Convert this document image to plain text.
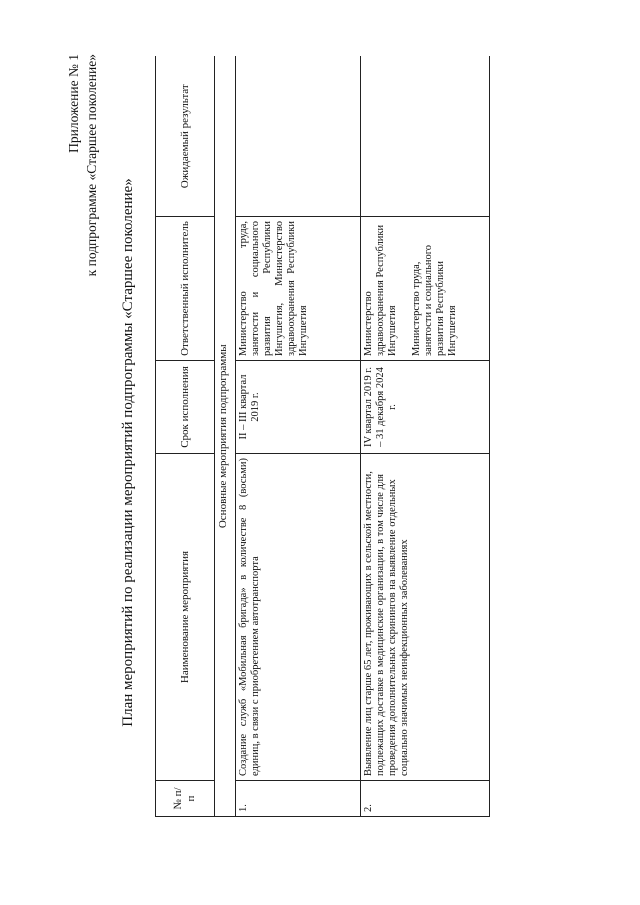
Приложение № 1 к подпрограмме «Старшее поколение»
План мероприятий по реализации мероприятий подпрограммы «Старшее поколение»
№ п/п	Наименование мероприятия	Срок исполнения	Ответственный исполнитель	Ожидаемый результат
Основные мероприятия подпрограммы				
1.	Создание служб «Мобильная бригада» в количестве 8 (восьми) единиц, в связи с приобретением автотранспорта	II – III квартал 2019 г.	Министерство труда, занятости и социального развития Республики Ингушетия, Министерство здравоохранения Республики Ингушетия	
2.	Выявление лиц старше 65 лет, проживающих в сельской местности, подлежащих доставке в медицинские организации, в том числе для проведения дополнительных скринингов на выявление отдельных социально значимых неинфекционных заболеваниях	IV квартал 2019 г. – 31 декабря 2024 г.	Министерство здравоохранения Республики Ингушетия Министерство труда, занятости и социального развития Республики Ингушетия	
